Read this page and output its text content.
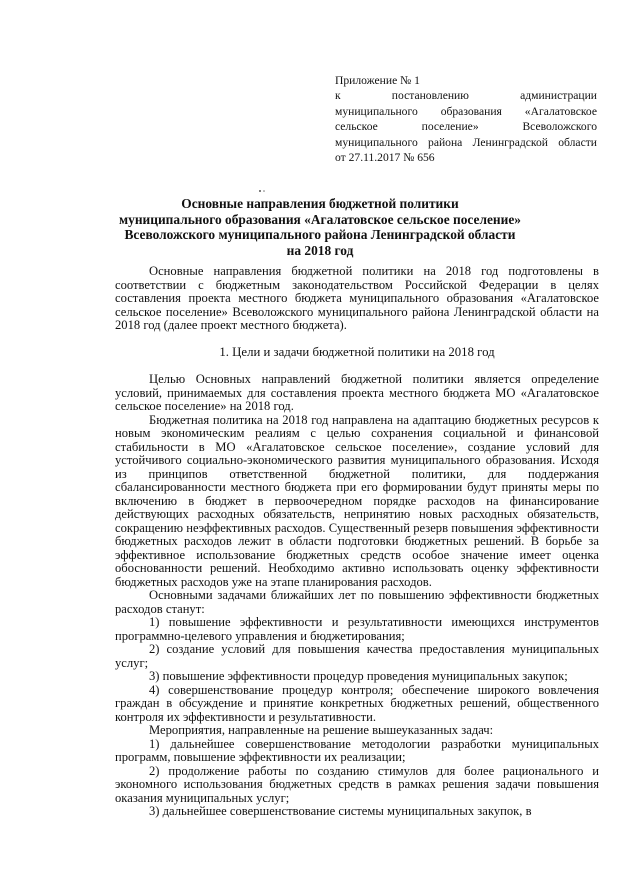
Приложение № 1
к постановлению администрации
муниципального образования «Агалатовское
сельское поселение» Всеволожского
муниципального района Ленинградской области
от 27.11.2017 № 656
Основные направления бюджетной политики
муниципального образования «Агалатовское сельское поселение»
Всеволожского муниципального района Ленинградской области
на 2018 год

Основные направления бюджетной политики на 2018 год подготовлены в соответствии с бюджетным законодательством Российской Федерации в целях составления проекта местного бюджета муниципального образования «Агалатовское сельское поселение» Всеволожского муниципального района Ленинградской области на 2018 год (далее проект местного бюджета).

1. Цели и задачи бюджетной политики на 2018 год

Целью Основных направлений бюджетной политики является определение условий, принимаемых для составления проекта местного бюджета МО «Агалатовское сельское поселение» на 2018 год.

Бюджетная политика на 2018 год направлена на адаптацию бюджетных ресурсов к новым экономическим реалиям с целью сохранения социальной и финансовой стабильности в МО «Агалатовское сельское поселение», создание условий для устойчивого социально-экономического развития муниципального образования. Исходя из принципов ответственной бюджетной политики, для поддержания сбалансированности местного бюджета при его формировании будут приняты меры по включению в бюджет в первоочередном порядке расходов на финансирование действующих расходных обязательств, непринятию новых расходных обязательств, сокращению неэффективных расходов. Существенный резерв повышения эффективности бюджетных расходов лежит в области подготовки бюджетных решений. В борьбе за эффективное использование бюджетных средств особое значение имеет оценка обоснованности решений. Необходимо активно использовать оценку эффективности бюджетных расходов уже на этапе планирования расходов.

Основными задачами ближайших лет по повышению эффективности бюджетных расходов станут:

1) повышение эффективности и результативности имеющихся инструментов программно-целевого управления и бюджетирования;

2) создание условий для повышения качества предоставления муниципальных услуг;

3) повышение эффективности процедур проведения муниципальных закупок;

4) совершенствование процедур контроля; обеспечение широкого вовлечения граждан в обсуждение и принятие конкретных бюджетных решений, общественного контроля их эффективности и результативности.

Мероприятия, направленные на решение вышеуказанных задач:

1) дальнейшее совершенствование методологии разработки муниципальных программ, повышение эффективности их реализации;

2) продолжение работы по созданию стимулов для более рационального и экономного использования бюджетных средств в рамках решения задачи повышения оказания муниципальных услуг;

3) дальнейшее совершенствование системы муниципальных закупок, в
